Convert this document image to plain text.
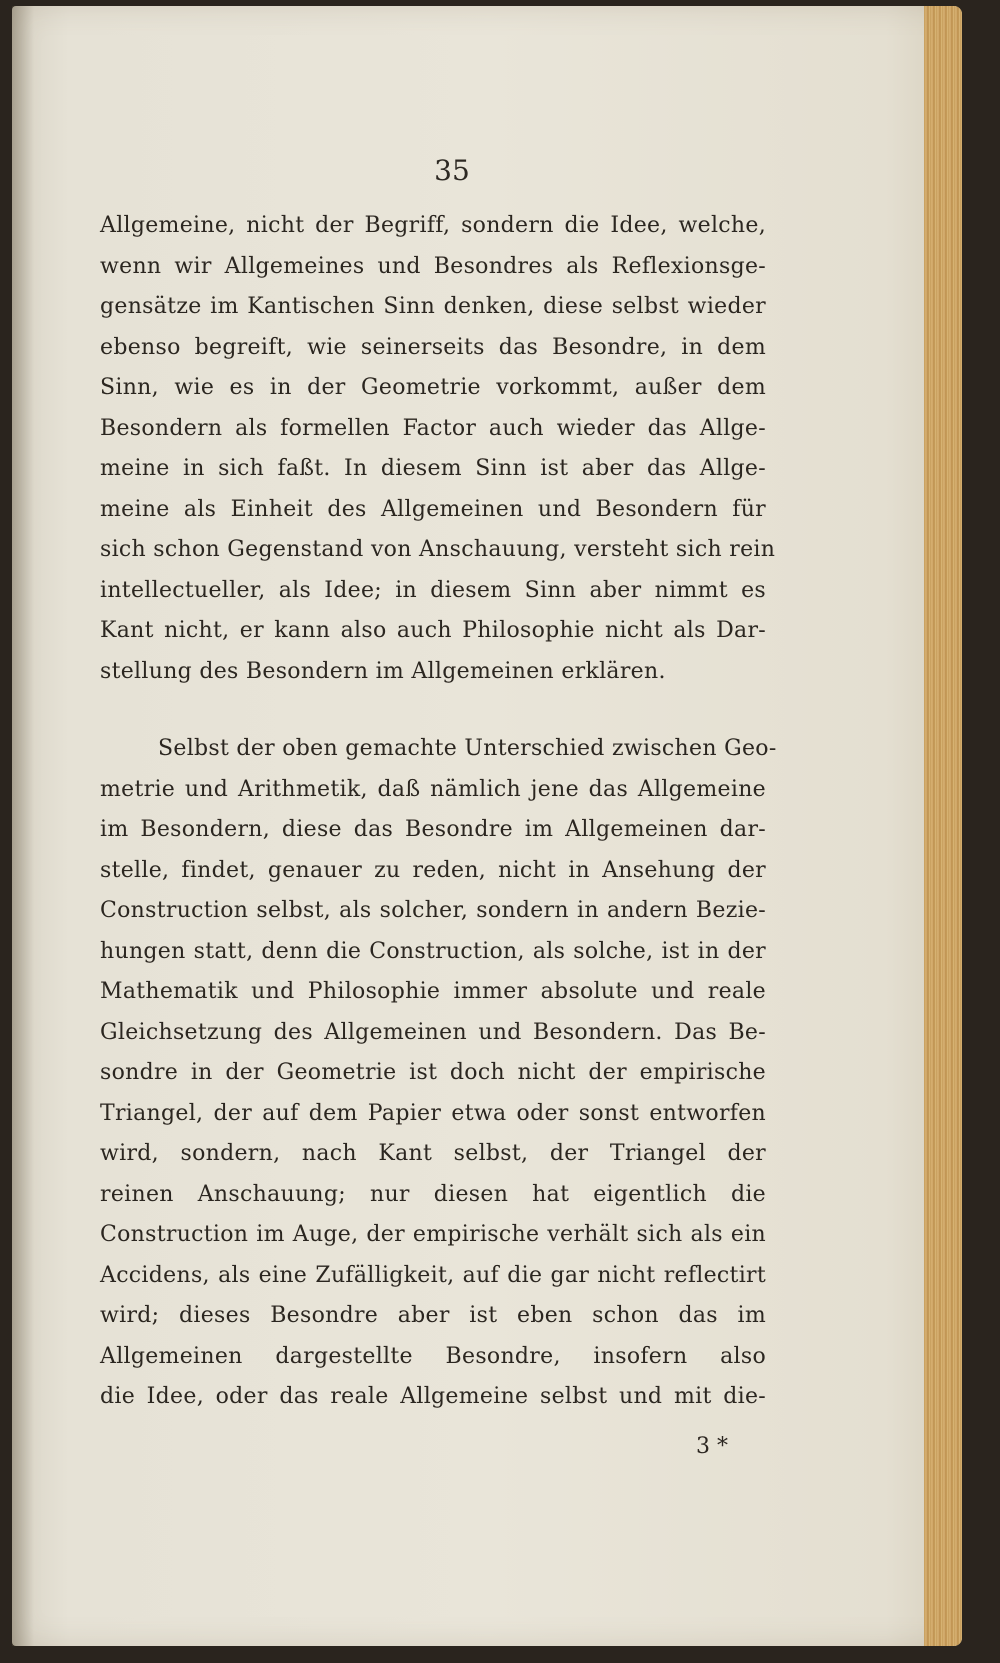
35
Allgemeine, nicht der Begriff, sondern die Idee, welche,
wenn wir Allgemeines und Besondres als Reflexionsge-
gensätze im Kantischen Sinn denken, diese selbst wieder
ebenso begreift, wie seinerseits das Besondre, in dem
Sinn, wie es in der Geometrie vorkommt, außer dem
Besondern als formellen Factor auch wieder das Allge-
meine in sich faßt. In diesem Sinn ist aber das Allge-
meine als Einheit des Allgemeinen und Besondern für
sich schon Gegenstand von Anschauung, versteht sich rein
intellectueller, als Idee; in diesem Sinn aber nimmt es
Kant nicht, er kann also auch Philosophie nicht als Dar-
stellung des Besondern im Allgemeinen erklären.
Selbst der oben gemachte Unterschied zwischen Geo-
metrie und Arithmetik, daß nämlich jene das Allgemeine
im Besondern, diese das Besondre im Allgemeinen dar-
stelle, findet, genauer zu reden, nicht in Ansehung der
Construction selbst, als solcher, sondern in andern Bezie-
hungen statt, denn die Construction, als solche, ist in der
Mathematik und Philosophie immer absolute und reale
Gleichsetzung des Allgemeinen und Besondern. Das Be-
sondre in der Geometrie ist doch nicht der empirische
Triangel, der auf dem Papier etwa oder sonst entworfen
wird, sondern, nach Kant selbst, der Triangel der
reinen Anschauung; nur diesen hat eigentlich die
Construction im Auge, der empirische verhält sich als ein
Accidens, als eine Zufälligkeit, auf die gar nicht reflectirt
wird; dieses Besondre aber ist eben schon das im
Allgemeinen dargestellte Besondre, insofern also
die Idee, oder das reale Allgemeine selbst und mit die-
3 *
